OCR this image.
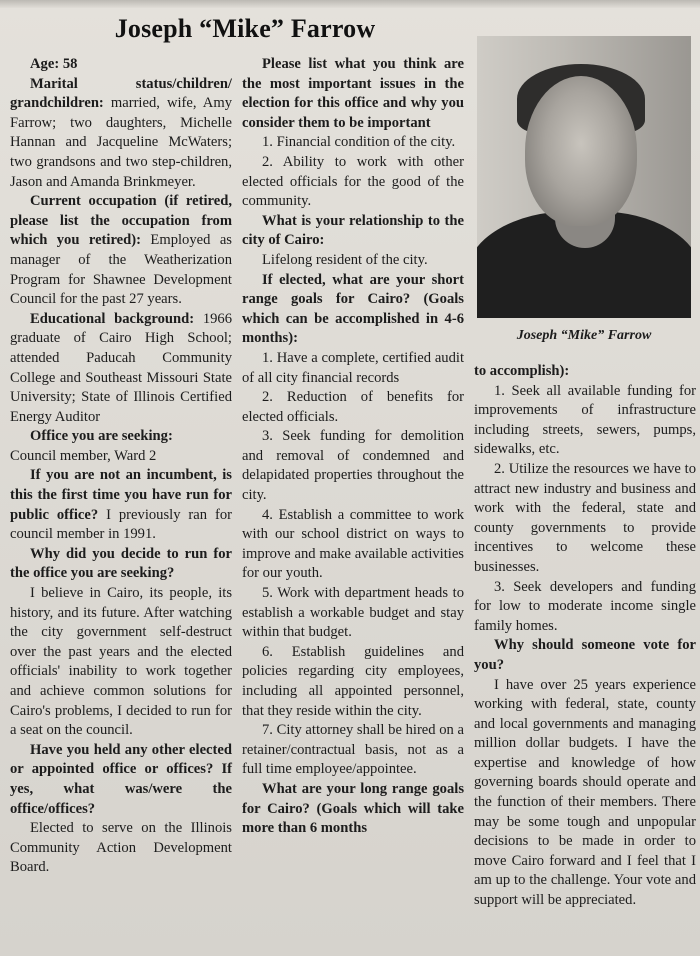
Joseph “Mike” Farrow
Age: 58
Marital status/children/ grandchildren: married, wife, Amy Farrow; two daughters, Michelle Hannan and Jacqueline McWaters; two grandsons and two step-children, Jason and Amanda Brinkmeyer.
Current occupation (if retired, please list the occupation from which you retired): Employed as manager of the Weatherization Program for Shawnee Development Council for the past 27 years.
Educational background: 1966 graduate of Cairo High School; attended Paducah Community College and Southeast Missouri State University; State of Illinois Certified Energy Auditor
Office you are seeking:
Council member, Ward 2
If you are not an incumbent, is this the first time you have run for public office? I previously ran for council member in 1991.
Why did you decide to run for the office you are seeking?
I believe in Cairo, its people, its history, and its future. After watching the city government self-destruct over the past years and the elected officials' inability to work together and achieve common solutions for Cairo's problems, I decided to run for a seat on the council.
Have you held any other elected or appointed office or offices? If yes, what was/were the office/offices?
Elected to serve on the Illinois Community Action Development Board.
Please list what you think are the most important issues in the election for this office and why you consider them to be important
1. Financial condition of the city.
2. Ability to work with other elected officials for the good of the community.
What is your relationship to the city of Cairo:
Lifelong resident of the city.
If elected, what are your short range goals for Cairo? (Goals which can be accomplished in 4-6 months):
1. Have a complete, certified audit of all city financial records
2. Reduction of benefits for elected officials.
3. Seek funding for demolition and removal of condemned and delapidated properties throughout the city.
4. Establish a committee to work with our school district on ways to improve and make available activities for our youth.
5. Work with department heads to establish a workable budget and stay within that budget.
6. Establish guidelines and policies regarding city employees, including all appointed personnel, that they reside within the city.
7. City attorney shall be hired on a retainer/contractual basis, not as a full time employee/appointee.
What are your long range goals for Cairo? (Goals which will take more than 6 months
Joseph “Mike” Farrow
to accomplish):
1. Seek all available funding for improvements of infrastructure including streets, sewers, pumps, sidewalks, etc.
2. Utilize the resources we have to attract new industry and business and work with the federal, state and county governments to provide incentives to welcome these businesses.
3. Seek developers and funding for low to moderate income single family homes.
Why should someone vote for you?
I have over 25 years experience working with federal, state, county and local governments and managing million dollar budgets. I have the expertise and knowledge of how governing boards should operate and the function of their members. There may be some tough and unpopular decisions to be made in order to move Cairo forward and I feel that I am up to the challenge. Your vote and support will be appreciated.
